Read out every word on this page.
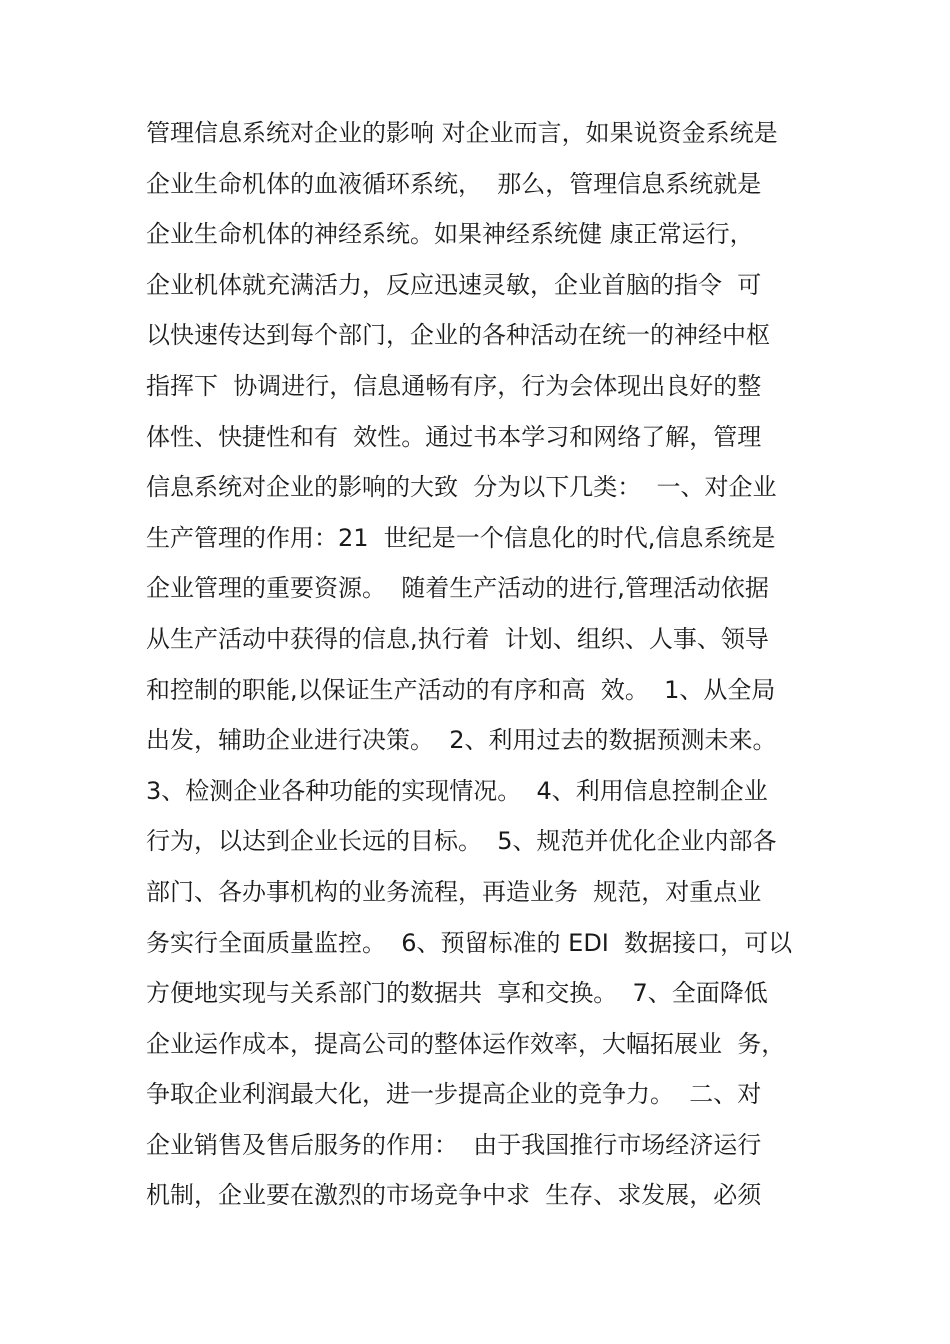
管理信息系统对企业的影响 对企业而言，如果说资金系统是
企业生命机体的血液循环系统，  那么，管理信息系统就是
企业生命机体的神经系统。如果神经系统健 康正常运行，
企业机体就充满活力，反应迅速灵敏，企业首脑的指令  可
以快速传达到每个部门，企业的各种活动在统一的神经中枢
指挥下  协调进行，信息通畅有序，行为会体现出良好的整
体性、快捷性和有  效性。通过书本学习和网络了解，管理
信息系统对企业的影响的大致  分为以下几类：  一、对企业
生产管理的作用：21  世纪是一个信息化的时代,信息系统是
企业管理的重要资源。  随着生产活动的进行,管理活动依据
从生产活动中获得的信息,执行着  计划、组织、人事、领导
和控制的职能,以保证生产活动的有序和高  效。  1、从全局
出发，辅助企业进行决策。  2、利用过去的数据预测未来。
3、检测企业各种功能的实现情况。  4、利用信息控制企业
行为，以达到企业长远的目标。  5、规范并优化企业内部各
部门、各办事机构的业务流程，再造业务  规范，对重点业
务实行全面质量监控。  6、预留标准的 EDI  数据接口，可以
方便地实现与关系部门的数据共  享和交换。  7、全面降低
企业运作成本，提高公司的整体运作效率，大幅拓展业  务，
争取企业利润最大化，进一步提高企业的竞争力。  二、对
企业销售及售后服务的作用：  由于我国推行市场经济运行
机制，企业要在激烈的市场竞争中求  生存、求发展，必须
